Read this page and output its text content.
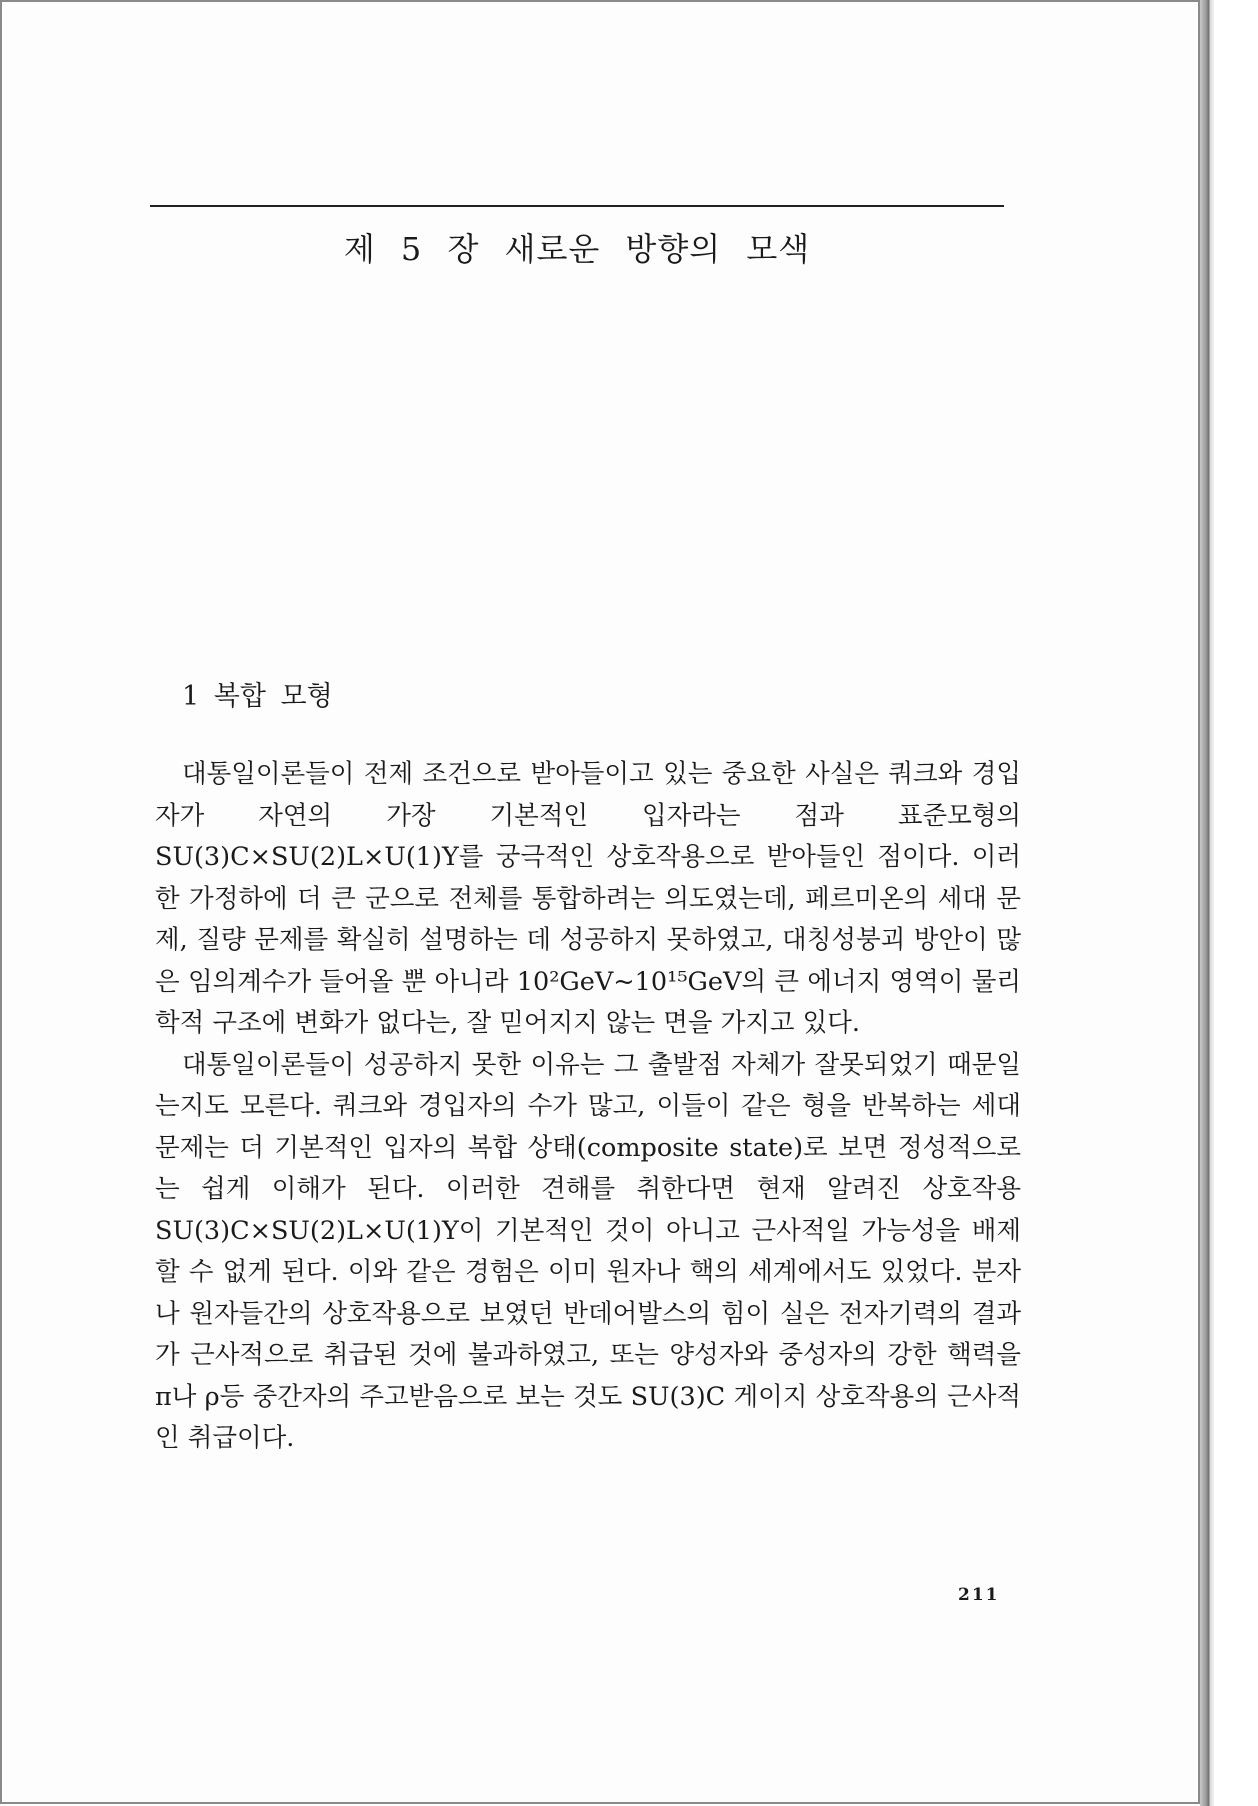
제 5 장 새로운 방향의 모색
1 복합 모형

대통일이론들이 전제 조건으로 받아들이고 있는 중요한 사실은 쿼크와 경입자가 자연의 가장 기본적인 입자라는 점과 표준모형의 SU(3)C×SU(2)L×U(1)Y를 궁극적인 상호작용으로 받아들인 점이다. 이러한 가정하에 더 큰 군으로 전체를 통합하려는 의도였는데, 페르미온의 세대 문제, 질량 문제를 확실히 설명하는 데 성공하지 못하였고, 대칭성붕괴 방안이 많은 임의계수가 들어올 뿐 아니라 10²GeV~10¹⁵GeV의 큰 에너지 영역이 물리학적 구조에 변화가 없다는, 잘 믿어지지 않는 면을 가지고 있다.

대통일이론들이 성공하지 못한 이유는 그 출발점 자체가 잘못되었기 때문일는지도 모른다. 쿼크와 경입자의 수가 많고, 이들이 같은 형을 반복하는 세대 문제는 더 기본적인 입자의 복합 상태(composite state)로 보면 정성적으로는 쉽게 이해가 된다. 이러한 견해를 취한다면 현재 알려진 상호작용 SU(3)C×SU(2)L×U(1)Y이 기본적인 것이 아니고 근사적일 가능성을 배제할 수 없게 된다. 이와 같은 경험은 이미 원자나 핵의 세계에서도 있었다. 분자나 원자들간의 상호작용으로 보였던 반데어발스의 힘이 실은 전자기력의 결과가 근사적으로 취급된 것에 불과하였고, 또는 양성자와 중성자의 강한 핵력을 π나 ρ등 중간자의 주고받음으로 보는 것도 SU(3)C 게이지 상호작용의 근사적인 취급이다.

211
